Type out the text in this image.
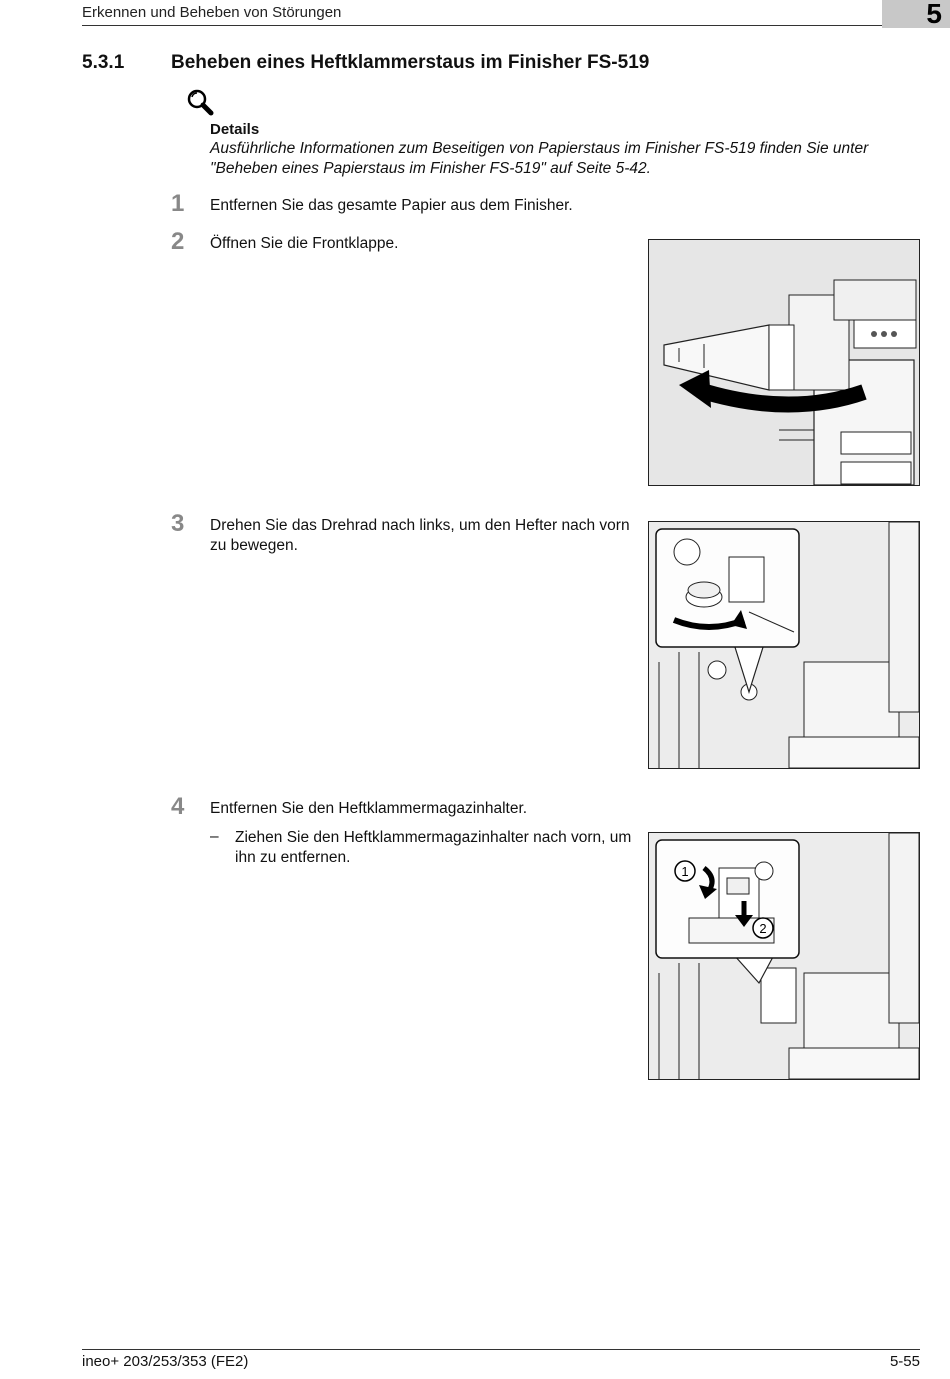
Erkennen und Beheben von Störungen	5
5.3.1 Beheben eines Heftklammerstaus im Finisher FS-519
Details
Ausführliche Informationen zum Beseitigen von Papierstaus im Finisher FS-519 finden Sie unter "Beheben eines Papierstaus im Finisher FS-519" auf Seite 5-42.
1 Entfernen Sie das gesamte Papier aus dem Finisher.
2 Öffnen Sie die Frontklappe.
3 Drehen Sie das Drehrad nach links, um den Hefter nach vorn zu bewegen.
4 Entfernen Sie den Heftklammermagazinhalter.
– Ziehen Sie den Heftklammermagazinhalter nach vorn, um ihn zu entfernen.
1
2
ineo+ 203/253/353 (FE2)	5-55
